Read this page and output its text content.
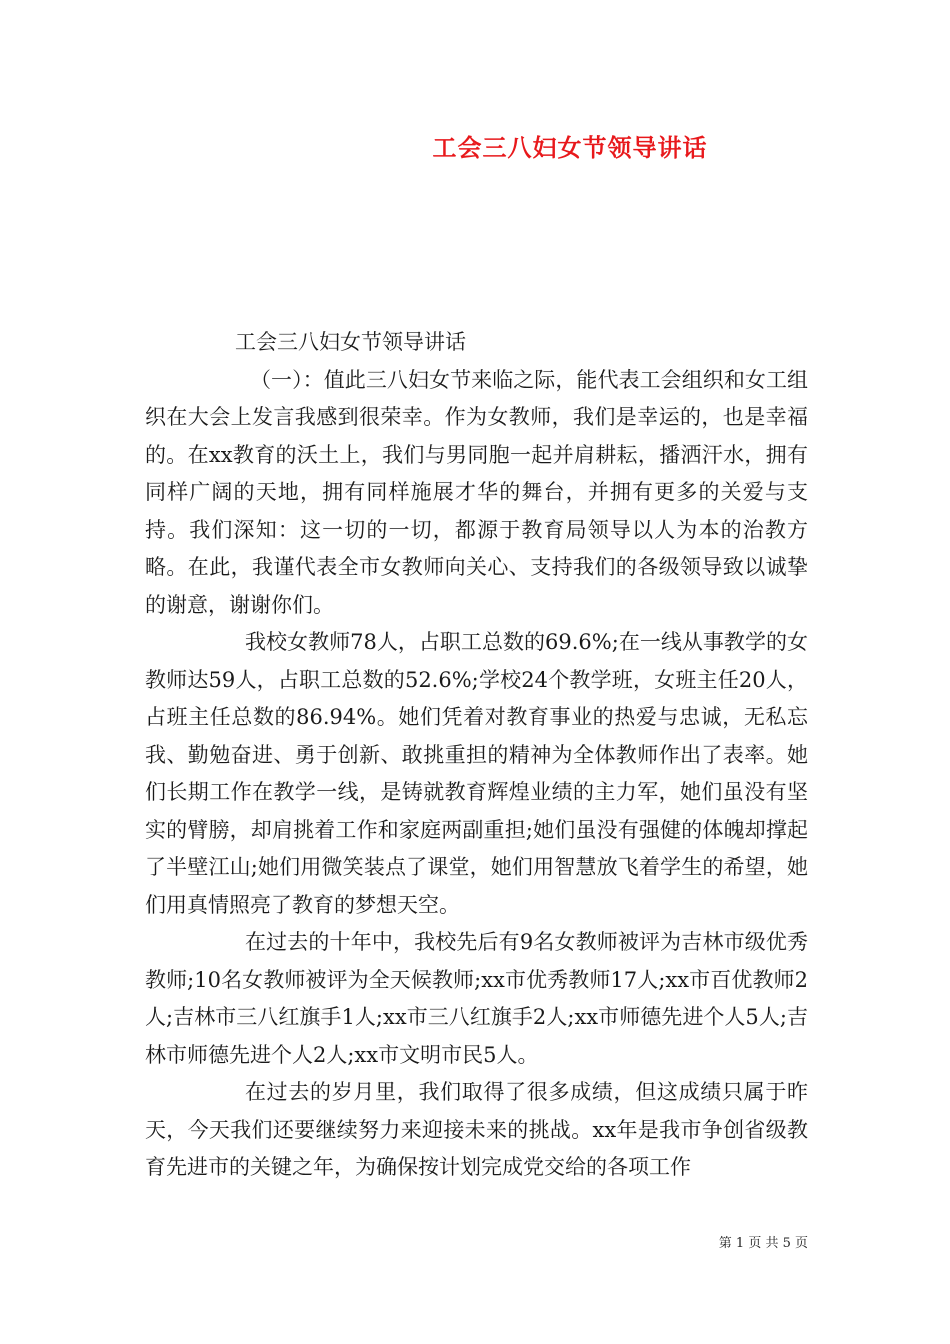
工会三八妇女节领导讲话

工会三八妇女节领导讲话

（一）：值此三八妇女节来临之际，能代表工会组织和女工组织在大会上发言我感到很荣幸。作为女教师，我们是幸运的，也是幸福的。在xx教育的沃土上，我们与男同胞一起并肩耕耘，播洒汗水，拥有同样广阔的天地，拥有同样施展才华的舞台，并拥有更多的关爱与支持。我们深知：这一切的一切，都源于教育局领导以人为本的治教方略。在此，我谨代表全市女教师向关心、支持我们的各级领导致以诚挚的谢意，谢谢你们。

我校女教师78人，占职工总数的69.6%;在一线从事教学的女教师达59人，占职工总数的52.6%;学校24个教学班，女班主任20人，占班主任总数的86.94%。她们凭着对教育事业的热爱与忠诚，无私忘我、勤勉奋进、勇于创新、敢挑重担的精神为全体教师作出了表率。她们长期工作在教学一线，是铸就教育辉煌业绩的主力军，她们虽没有坚实的臂膀，却肩挑着工作和家庭两副重担;她们虽没有强健的体魄却撑起了半壁江山;她们用微笑装点了课堂，她们用智慧放飞着学生的希望，她们用真情照亮了教育的梦想天空。

在过去的十年中，我校先后有9名女教师被评为吉林市级优秀教师;10名女教师被评为全天候教师;xx市优秀教师17人;xx市百优教师2人;吉林市三八红旗手1人;xx市三八红旗手2人;xx市师德先进个人5人;吉林市师德先进个人2人;xx市文明市民5人。

在过去的岁月里，我们取得了很多成绩，但这成绩只属于昨天，今天我们还要继续努力来迎接未来的挑战。xx年是我市争创省级教育先进市的关键之年，为确保按计划完成党交给的各项工作

第 1 页 共 5 页
